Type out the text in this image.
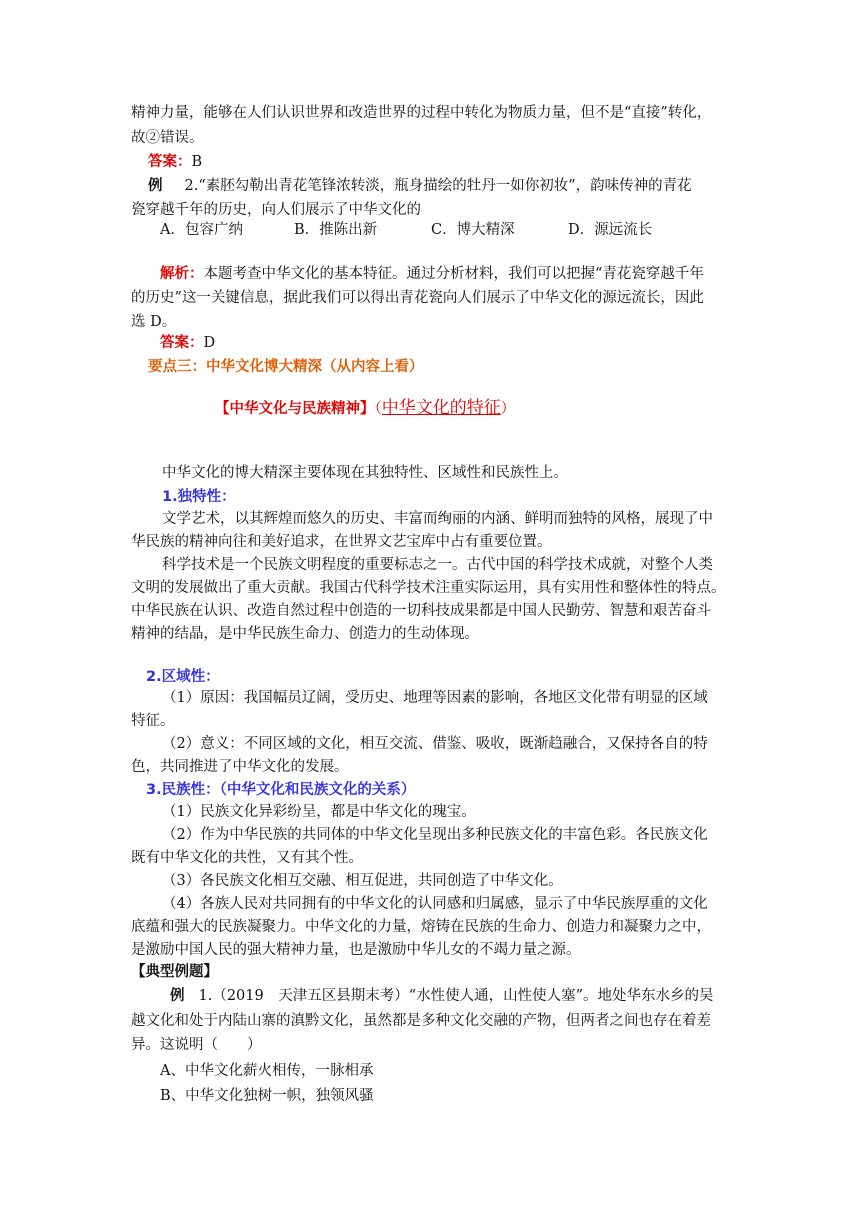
精神力量，能够在人们认识世界和改造世界的过程中转化为物质力量，但不是“直接”转化，
故②错误。
答案：B
例 2.“素胚勾勒出青花笔锋浓转淡，瓶身描绘的牡丹一如你初妆”，韵味传神的青花
瓷穿越千年的历史，向人们展示了中华文化的
A．包容广纳	B．推陈出新	C．博大精深	D．源远流长
解析：本题考查中华文化的基本特征。通过分析材料，我们可以把握“青花瓷穿越千年
的历史”这一关键信息，据此我们可以得出青花瓷向人们展示了中华文化的源远流长，因此
选 D。
答案：D
要点三：中华文化博大精深（从内容上看）
【中华文化与民族精神】（中华文化的特征）
中华文化的博大精深主要体现在其独特性、区域性和民族性上。
1.独特性：
文学艺术，以其辉煌而悠久的历史、丰富而绚丽的内涵、鲜明而独特的风格，展现了中
华民族的精神向往和美好追求，在世界文艺宝库中占有重要位置。
科学技术是一个民族文明程度的重要标志之一。古代中国的科学技术成就，对整个人类
文明的发展做出了重大贡献。我国古代科学技术注重实际运用，具有实用性和整体性的特点。
中华民族在认识、改造自然过程中创造的一切科技成果都是中国人民勤劳、智慧和艰苦奋斗
精神的结晶，是中华民族生命力、创造力的生动体现。
2.区域性：
（1）原因：我国幅员辽阔，受历史、地理等因素的影响，各地区文化带有明显的区域
特征。
（2）意义：不同区域的文化，相互交流、借鉴、吸收，既渐趋融合，又保持各自的特
色，共同推进了中华文化的发展。
3.民族性：（中华文化和民族文化的关系）
（1）民族文化异彩纷呈，都是中华文化的瑰宝。
（2）作为中华民族的共同体的中华文化呈现出多种民族文化的丰富色彩。各民族文化
既有中华文化的共性，又有其个性。
（3）各民族文化相互交融、相互促进，共同创造了中华文化。
（4）各族人民对共同拥有的中华文化的认同感和归属感，显示了中华民族厚重的文化
底蕴和强大的民族凝聚力。中华文化的力量，熔铸在民族的生命力、创造力和凝聚力之中，
是激励中国人民的强大精神力量，也是激励中华儿女的不竭力量之源。
【典型例题】
例 1.（2019　天津五区县期末考）“水性使人通，山性使人塞”。地处华东水乡的吴
越文化和处于内陆山寨的滇黔文化，虽然都是多种文化交融的产物，但两者之间也存在着差
异。这说明（　　）
A、中华文化薪火相传，一脉相承
B、中华文化独树一帜，独领风骚
